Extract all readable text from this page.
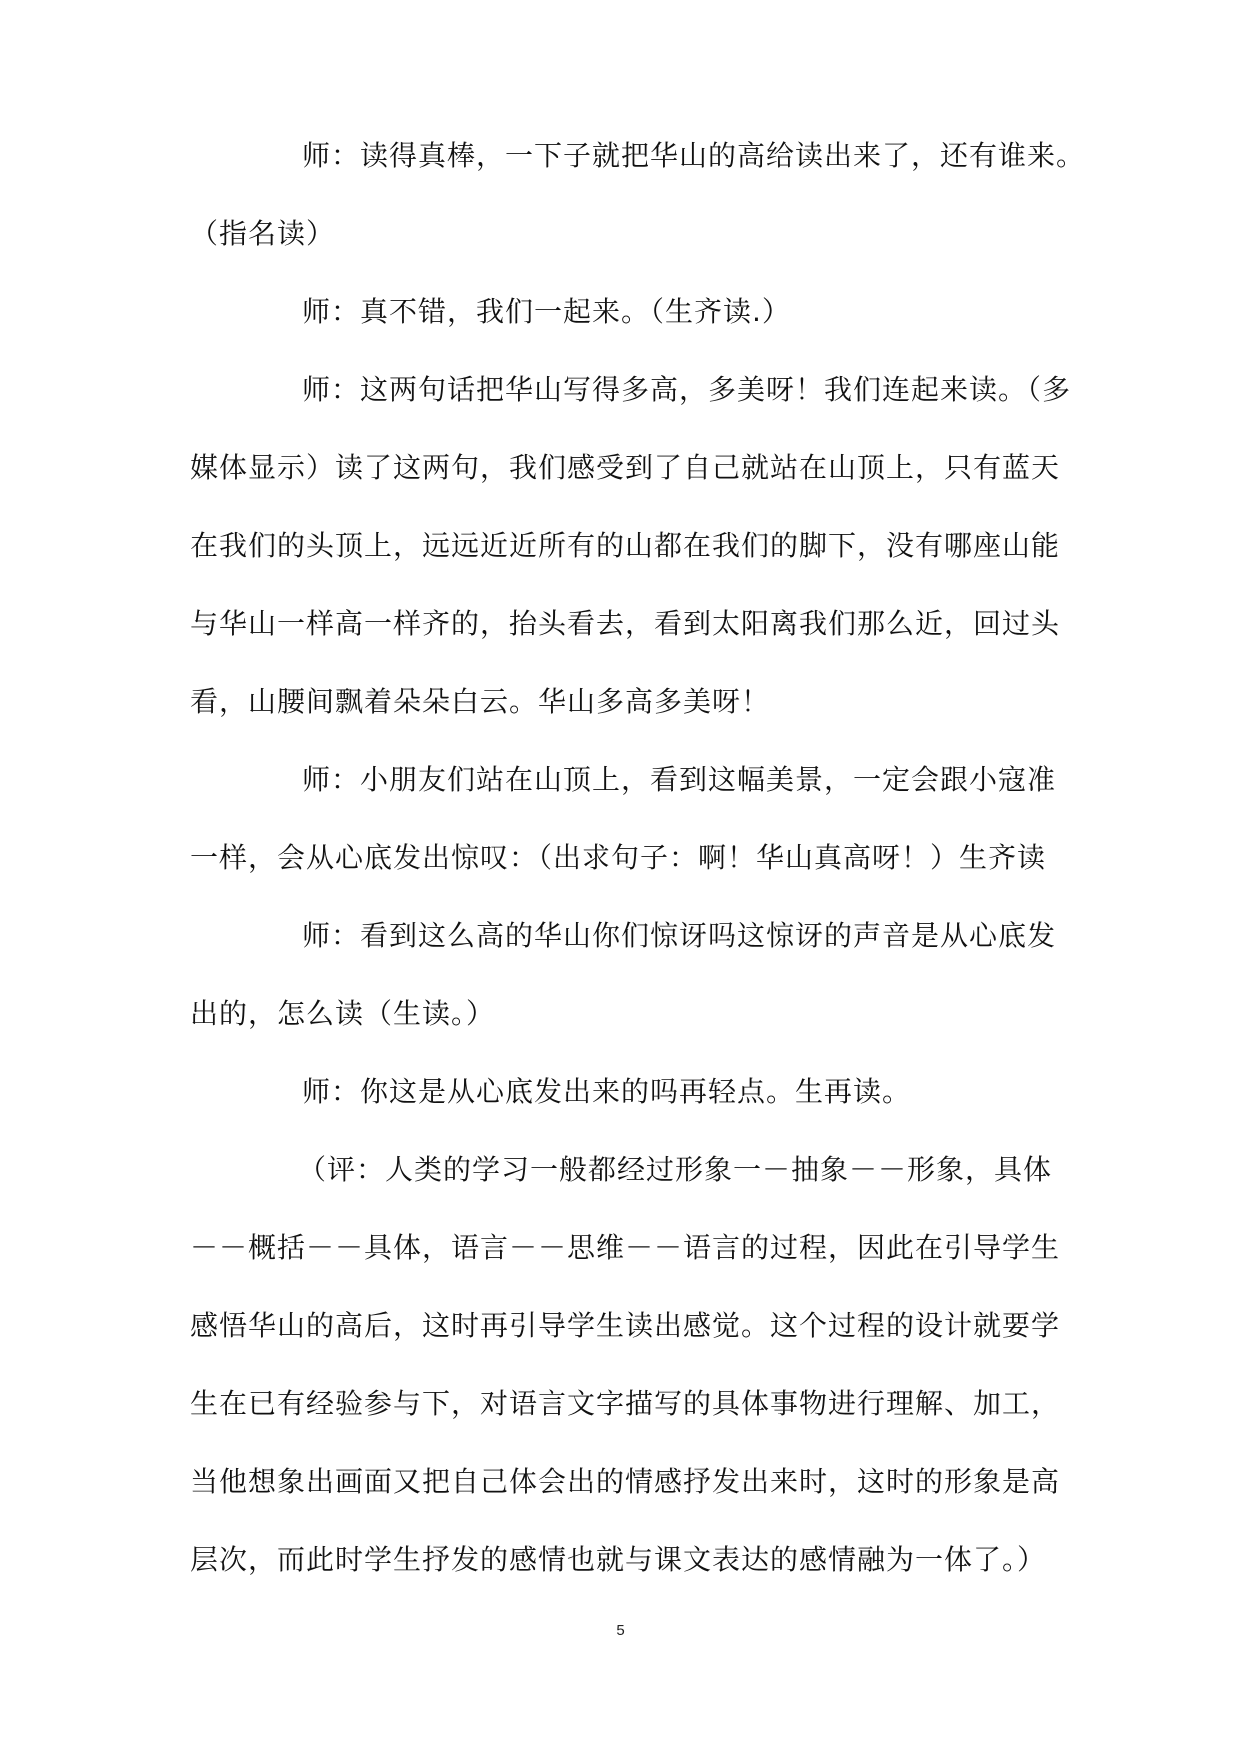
师：读得真棒，一下子就把华山的高给读出来了，还有谁来。
（指名读）
师：真不错，我们一起来。（生齐读.）
师：这两句话把华山写得多高，多美呀！我们连起来读。（多
媒体显示）读了这两句，我们感受到了自己就站在山顶上，只有蓝天
在我们的头顶上，远远近近所有的山都在我们的脚下，没有哪座山能
与华山一样高一样齐的，抬头看去，看到太阳离我们那么近，回过头
看，山腰间飘着朵朵白云。华山多高多美呀！
师：小朋友们站在山顶上，看到这幅美景，一定会跟小寇准
一样，会从心底发出惊叹：（出求句子：啊！华山真高呀！）生齐读
师：看到这么高的华山你们惊讶吗这惊讶的声音是从心底发
出的，怎么读（生读。）
师：你这是从心底发出来的吗再轻点。生再读。
（评：人类的学习一般都经过形象一－抽象－－形象，具体
－－概括－－具体，语言－－思维－－语言的过程，因此在引导学生
感悟华山的高后，这时再引导学生读出感觉。这个过程的设计就要学
生在已有经验参与下，对语言文字描写的具体事物进行理解、加工，
当他想象出画面又把自己体会出的情感抒发出来时，这时的形象是高
层次，而此时学生抒发的感情也就与课文表达的感情融为一体了。）
5
